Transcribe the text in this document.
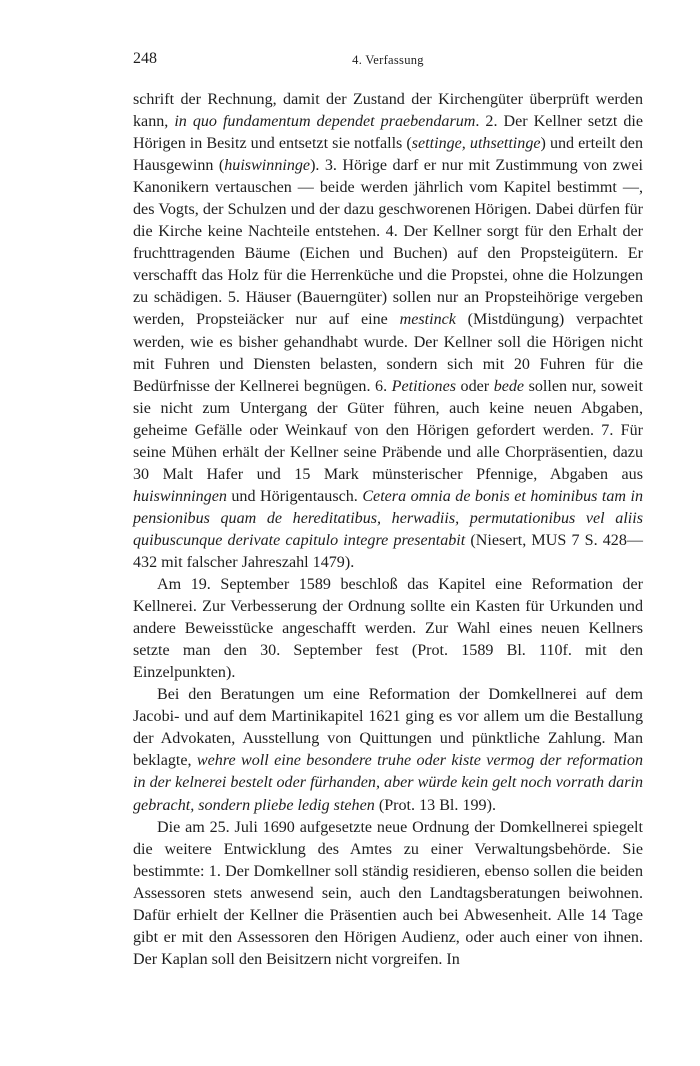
248	4. Verfassung

schrift der Rechnung, damit der Zustand der Kirchengüter überprüft werden kann, in quo fundamentum dependet praebendarum. 2. Der Kellner setzt die Hörigen in Besitz und entsetzt sie notfalls (settinge, uthsettinge) und erteilt den Hausgewinn (huiswinninge). 3. Hörige darf er nur mit Zustimmung von zwei Kanonikern vertauschen — beide werden jährlich vom Kapitel bestimmt —, des Vogts, der Schulzen und der dazu geschworenen Hörigen. Dabei dürfen für die Kirche keine Nachteile entstehen. 4. Der Kellner sorgt für den Erhalt der fruchttragenden Bäume (Eichen und Buchen) auf den Propsteigütern. Er verschafft das Holz für die Herrenküche und die Propstei, ohne die Holzungen zu schädigen. 5. Häuser (Bauerngüter) sollen nur an Propsteihörige vergeben werden, Propsteiäcker nur auf eine mestinck (Mistdüngung) verpachtet werden, wie es bisher gehandhabt wurde. Der Kellner soll die Hörigen nicht mit Fuhren und Diensten belasten, sondern sich mit 20 Fuhren für die Bedürfnisse der Kellnerei begnügen. 6. Petitiones oder bede sollen nur, soweit sie nicht zum Untergang der Güter führen, auch keine neuen Abgaben, geheime Gefälle oder Weinkauf von den Hörigen gefordert werden. 7. Für seine Mühen erhält der Kellner seine Präbende und alle Chorpräsentien, dazu 30 Malt Hafer und 15 Mark münsterischer Pfennige, Abgaben aus huiswinningen und Hörigentausch. Cetera omnia de bonis et hominibus tam in pensionibus quam de hereditatibus, herwadiis, permutationibus vel aliis quibuscunque derivate capitulo integre presentabit (Niesert, MUS 7 S. 428—432 mit falscher Jahreszahl 1479).

Am 19. September 1589 beschloß das Kapitel eine Reformation der Kellnerei. Zur Verbesserung der Ordnung sollte ein Kasten für Urkunden und andere Beweisstücke angeschafft werden. Zur Wahl eines neuen Kellners setzte man den 30. September fest (Prot. 1589 Bl. 110f. mit den Einzelpunkten).

Bei den Beratungen um eine Reformation der Domkellnerei auf dem Jacobi- und auf dem Martinikapitel 1621 ging es vor allem um die Bestallung der Advokaten, Ausstellung von Quittungen und pünktliche Zahlung. Man beklagte, wehre woll eine besondere truhe oder kiste vermog der reformation in der kelnerei bestelt oder fürhanden, aber würde kein gelt noch vorrath darin gebracht, sondern pliebe ledig stehen (Prot. 13 Bl. 199).

Die am 25. Juli 1690 aufgesetzte neue Ordnung der Domkellnerei spiegelt die weitere Entwicklung des Amtes zu einer Verwaltungsbehörde. Sie bestimmte: 1. Der Domkellner soll ständig residieren, ebenso sollen die beiden Assessoren stets anwesend sein, auch den Landtagsberatungen beiwohnen. Dafür erhielt der Kellner die Präsentien auch bei Abwesenheit. Alle 14 Tage gibt er mit den Assessoren den Hörigen Audienz, oder auch einer von ihnen. Der Kaplan soll den Beisitzern nicht vorgreifen. In
